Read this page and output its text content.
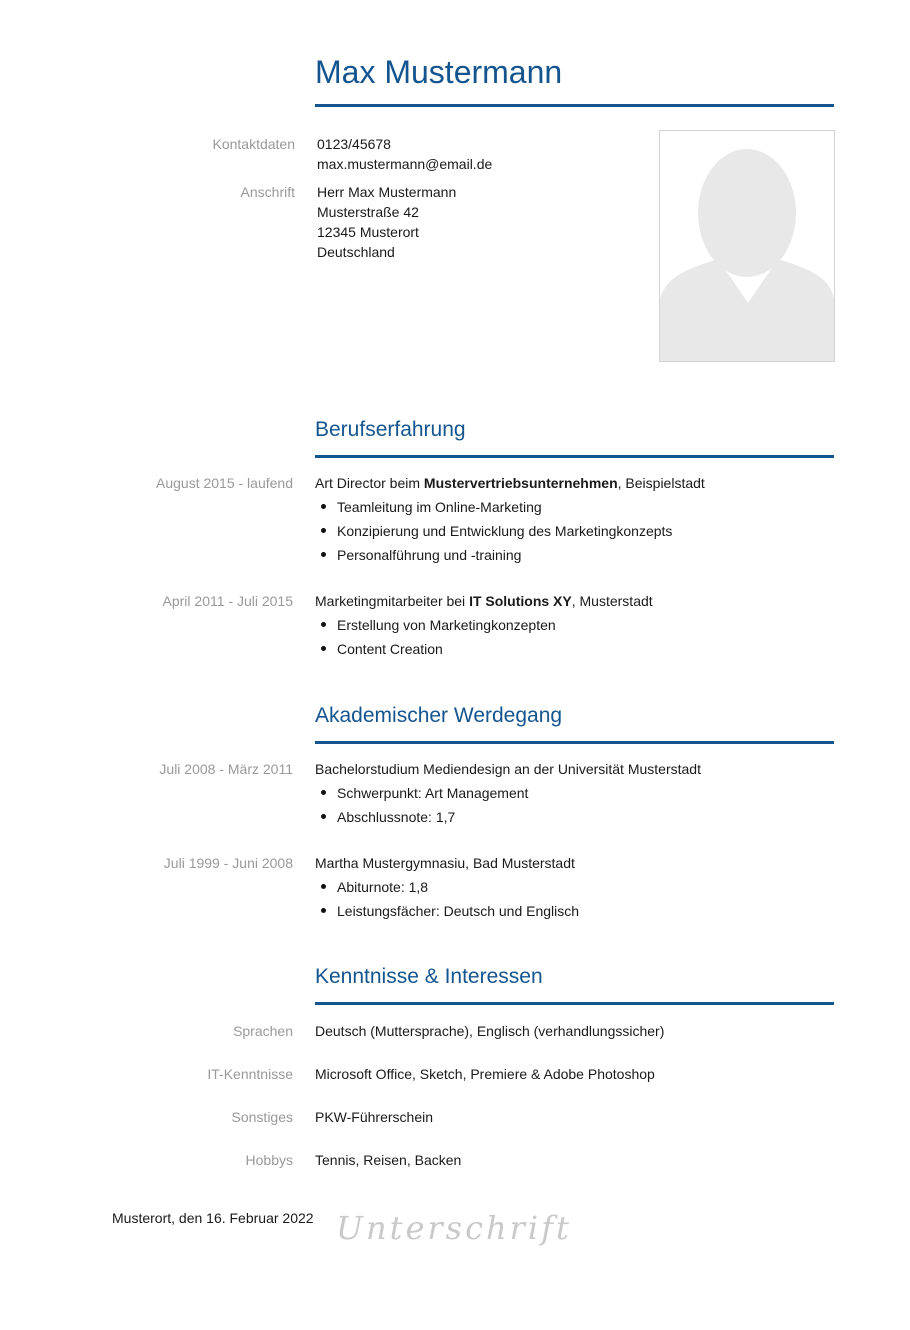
Max Mustermann
Kontaktdaten 0123/45678
max.mustermann@email.de
Anschrift Herr Max Mustermann
Musterstraße 42
12345 Musterort
Deutschland
Berufserfahrung
August 2015 - laufend Art Director beim Mustervertriebsunternehmen, Beispielstadt
Teamleitung im Online-Marketing
Konzipierung und Entwicklung des Marketingkonzepts
Personalführung und -training
April 2011 - Juli 2015 Marketingmitarbeiter bei IT Solutions XY, Musterstadt
Erstellung von Marketingkonzepten
Content Creation
Akademischer Werdegang
Juli 2008 - März 2011 Bachelorstudium Mediendesign an der Universität Musterstadt
Schwerpunkt: Art Management
Abschlussnote: 1,7
Juli 1999 - Juni 2008 Martha Mustergymnasiu, Bad Musterstadt
Abiturnote: 1,8
Leistungsfächer: Deutsch und Englisch
Kenntnisse & Interessen
Sprachen Deutsch (Muttersprache), Englisch (verhandlungssicher)
IT-Kenntnisse Microsoft Office, Sketch, Premiere & Adobe Photoshop
Sonstiges PKW-Führerschein
Hobbys Tennis, Reisen, Backen
Musterort, den 16. Februar 2022 Unterschrift
